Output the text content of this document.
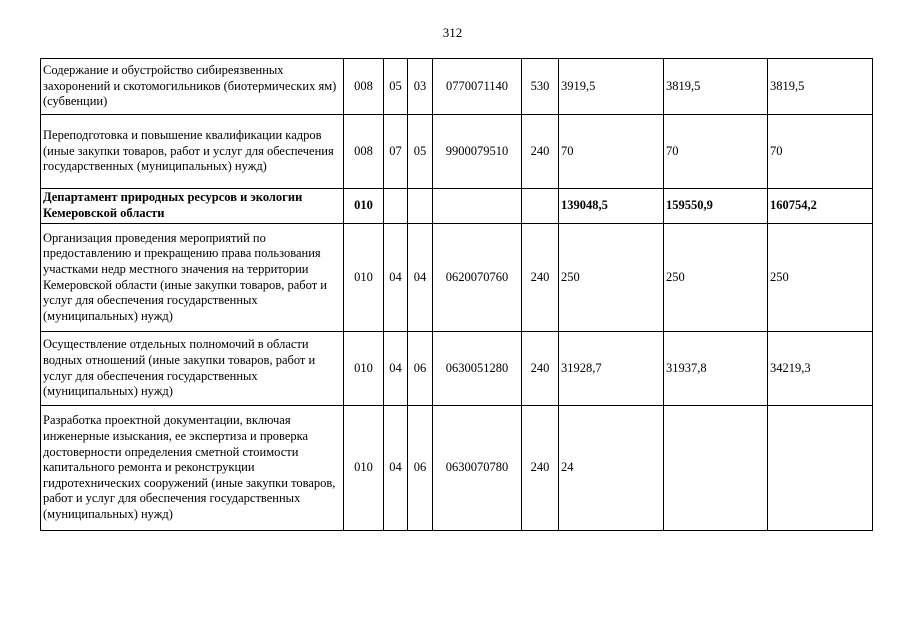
312
Содержание и обустройство сибиреязвенных захоронений и скотомогильников (биотермических ям) (субвенции)	008	05	03	0770071140	530	3919,5	3819,5	3819,5
Переподготовка и повышение квалификации кадров (иные закупки товаров, работ и услуг для обеспечения государственных (муниципальных) нужд)	008	07	05	9900079510	240	70	70	70
Департамент природных ресурсов и экологии Кемеровской области	010					139048,5	159550,9	160754,2
Организация проведения мероприятий по предоставлению и прекращению права пользования участками недр местного значения на территории Кемеровской области (иные закупки товаров, работ и услуг для обеспечения государственных (муниципальных) нужд)	010	04	04	0620070760	240	250	250	250
Осуществление отдельных полномочий в области водных отношений (иные закупки товаров, работ и услуг для обеспечения государственных (муниципальных) нужд)	010	04	06	0630051280	240	31928,7	31937,8	34219,3
Разработка проектной документации, включая инженерные изыскания, ее экспертиза и проверка достоверности определения сметной стоимости капитального ремонта и реконструкции гидротехнических сооружений (иные закупки товаров, работ и услуг для обеспечения государственных (муниципальных) нужд)	010	04	06	0630070780	240	24		
